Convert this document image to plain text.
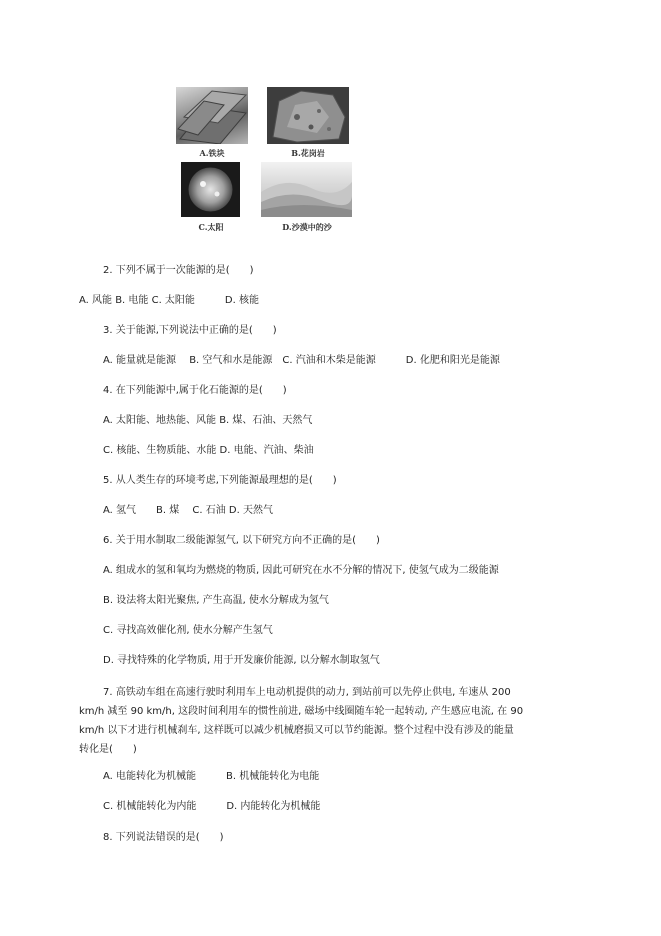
A.铁块	B.花岗岩
C.太阳	D.沙漠中的沙
2. 下列不属于一次能源的是(　　)
A. 风能 B. 电能 C. 太阳能　　　D. 核能
3. 关于能源,下列说法中正确的是(　　)
A. 能量就是能源　 B. 空气和水是能源　C. 汽油和木柴是能源　　　D. 化肥和阳光是能源
4. 在下列能源中,属于化石能源的是(　　)
A. 太阳能、地热能、风能 B. 煤、石油、天然气
C. 核能、生物质能、水能 D. 电能、汽油、柴油
5. 从人类生存的环境考虑,下列能源最理想的是(　　)
A. 氢气　　B. 煤　 C. 石油 D. 天然气
6. 关于用水制取二级能源氢气, 以下研究方向不正确的是(　　)
A. 组成水的氢和氧均为燃烧的物质, 因此可研究在水不分解的情况下, 使氢气成为二级能源
B. 设法将太阳光聚焦, 产生高温, 使水分解成为氢气
C. 寻找高效催化剂, 使水分解产生氢气
D. 寻找特殊的化学物质, 用于开发廉价能源, 以分解水制取氢气
7. 高铁动车组在高速行驶时利用车上电动机提供的动力, 到站前可以先停止供电, 车速从 200
km/h 减至 90 km/h, 这段时间利用车的惯性前进, 磁场中线圈随车轮一起转动, 产生感应电流, 在 90
km/h 以下才进行机械刹车, 这样既可以减少机械磨损又可以节约能源。整个过程中没有涉及的能量
转化是(　　)
A. 电能转化为机械能　　　B. 机械能转化为电能
C. 机械能转化为内能　　　D. 内能转化为机械能
8. 下列说法错误的是(　　)
